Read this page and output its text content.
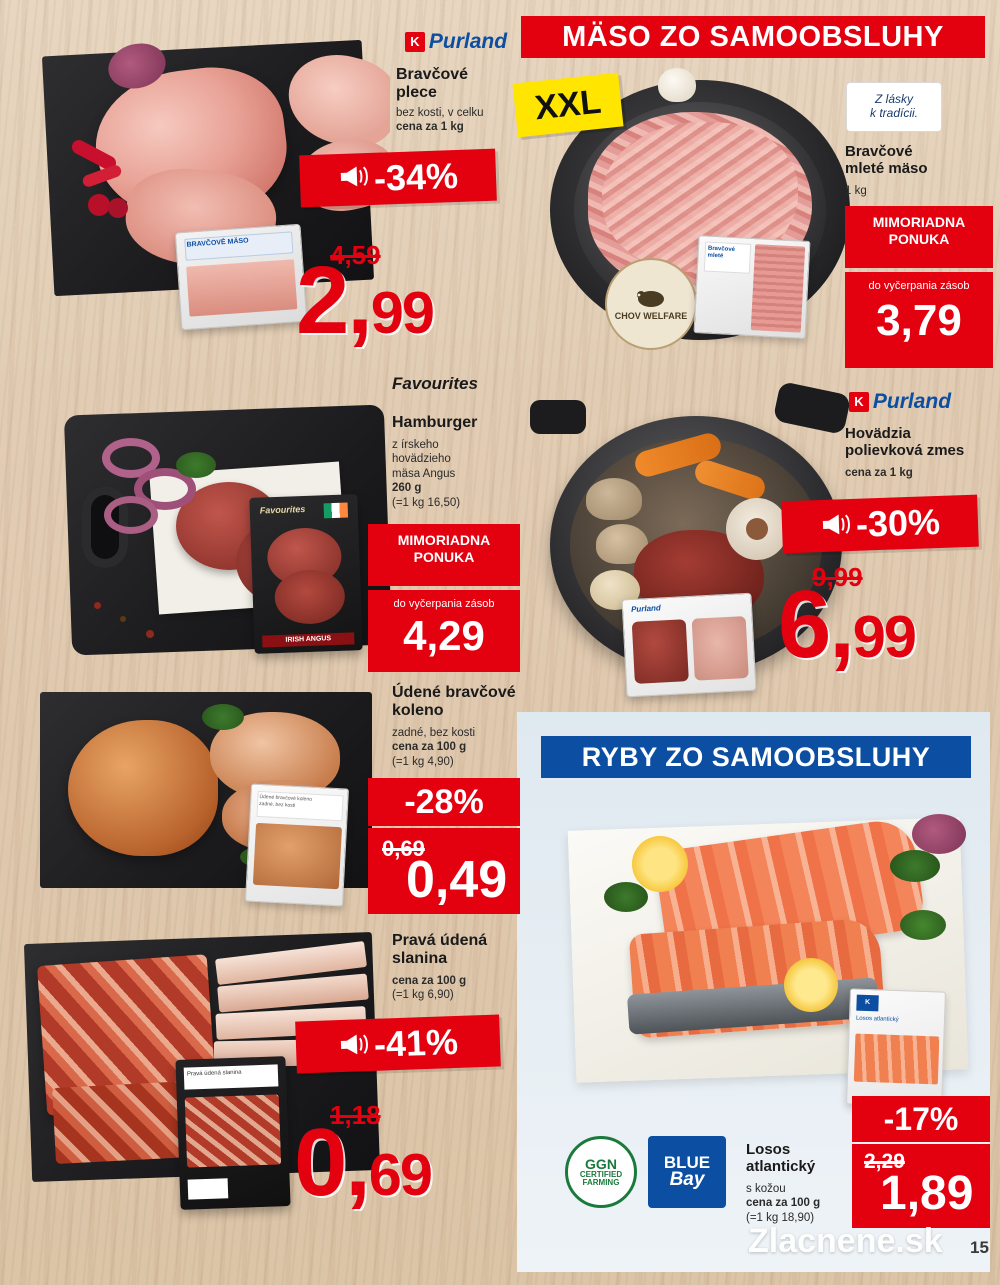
MÄSO ZO SAMOOBSLUHY
RYBY ZO SAMOOBSLUHY
BRAVČOVÉ MÄSO
K Purland
Bravčové
plece
bez kosti, v celku
cena za 1 kg
-34%
4,59
2,99
XXL
CHOV WELFARE
Bravčové
mleté
Z lásky
k tradícii.
Bravčové
mleté mäso
1 kg
MIMORIADNA
PONUKA
do vyčerpania zásob
3,79
Favourites
IRISH ANGUS
Favourites
Hamburger
z írskeho
hovädzieho
mäsa Angus
260 g
(=1 kg 16,50)
MIMORIADNA
PONUKA
do vyčerpania zásob
4,29
Purland
K Purland
Hovädzia
polievková zmes
cena za 1 kg
-30%
9,99
6,99
Údené bravčové koleno
zadné, bez kosti
Údené bravčové
koleno
zadné, bez kosti
cena za 100 g
(=1 kg 4,90)
-28%
0,69
0,49
Pravá údená slanina
Pravá údená
slanina
cena za 100 g
(=1 kg 6,90)
-41%
1,18
0,69
K
Losos atlantický
GGN
CERTIFIED
FARMING
BLUE
Bay
Losos
atlantický
s kožou
cena za 100 g
(=1 kg 18,90)
-17%
2,29
1,89
Zlacnene.sk 15
